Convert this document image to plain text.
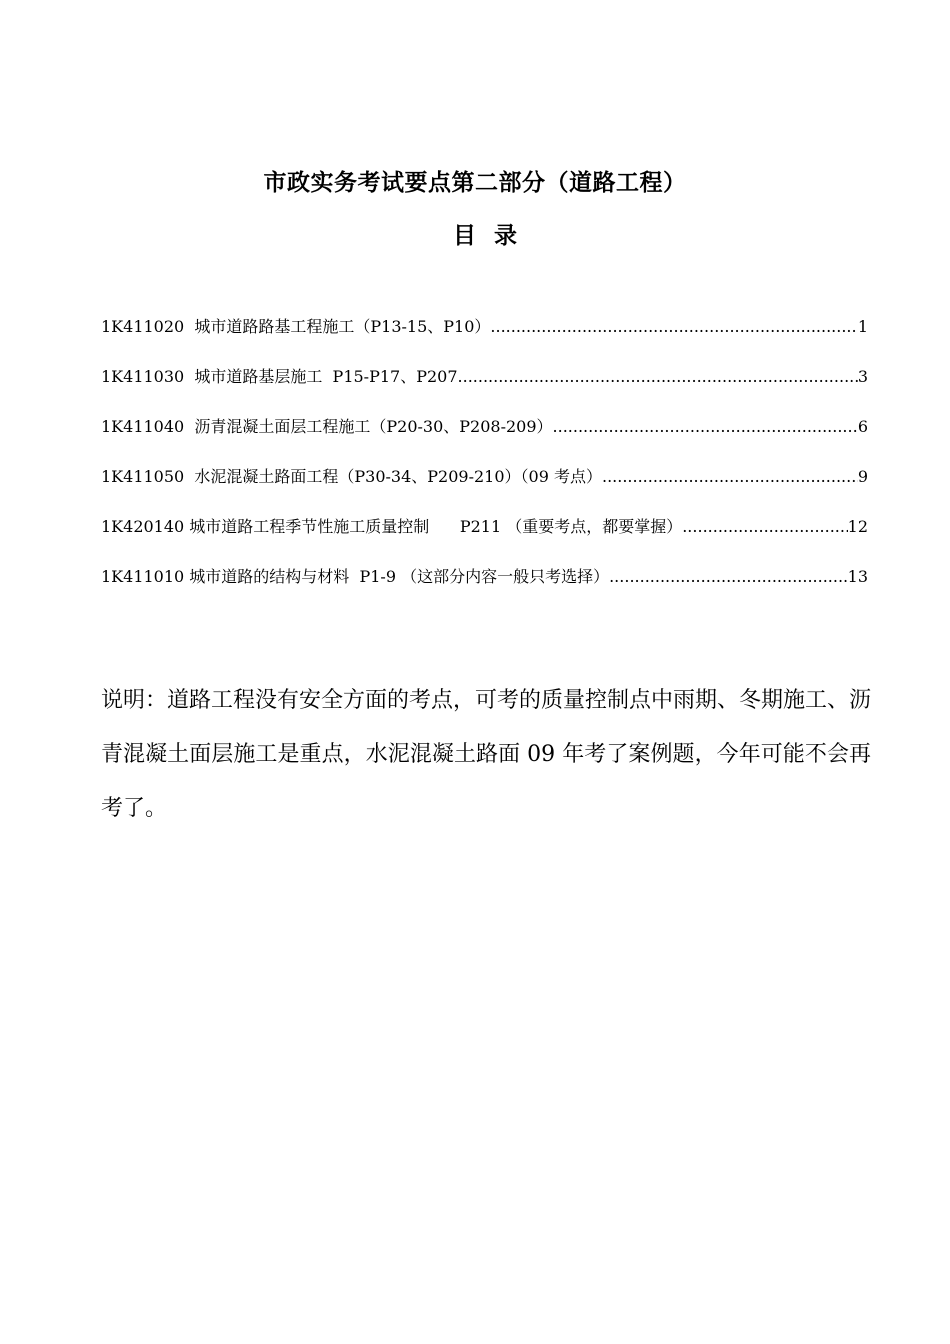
市政实务考试要点第二部分（道路工程）
目 录
1K411020  城市道路路基工程施工（P13-15、P10） .....	1
1K411030  城市道路基层施工  P15-P17、P207 .....	3
1K411040  沥青混凝土面层工程施工（P20-30、P208-209） .....	6
1K411050  水泥混凝土路面工程（P30-34、P209-210）（09 考点） .....	9
1K420140 城市道路工程季节性施工质量控制      P211 （重要考点，都要掌握） .....	12
1K411010 城市道路的结构与材料  P1-9 （这部分内容一般只考选择） .....	13

说明：道路工程没有安全方面的考点，可考的质量控制点中雨期、冬期施工、沥青混凝土面层施工是重点，水泥混凝土路面 09 年考了案例题，今年可能不会再考了。
